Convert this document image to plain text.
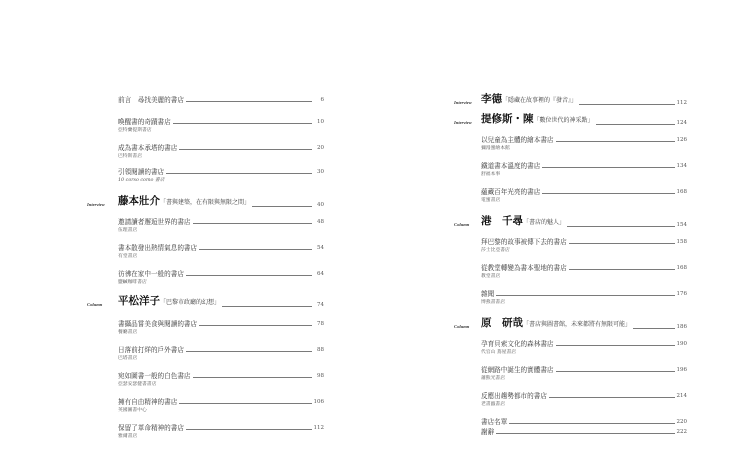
前言　尋找美麗的書店	6
喚醒書的奇蹟書店	10
亞特蘭提斯書店
成為書本承塔的書店	20
巴特斯書店
引領閱讀的書店	30
10 corso como 書店
藤本壯介「書與建築，在有限與無限之間」	40
Interview
邀請讀者邂逅世界的書店	48
伍理書店
書本散發出熱情氣息的書店	54
有堂書店
彷彿在家中一般的書店	64
鹽鹹咖啡書店
平松洋子「巴黎市政廳的幻想」	74
Column
書攝品嘗美食與閱讀的書店	78
餐廳書店
日落前打烊的戶外書店	88
巴塔書店
宛如圖書一般的白色書店	98
亞瑟安瑟健書書店
擁有自由精神的書店	106
英國圖書中心
保留了革命精神的書店	112
雅爾書店
李德「隱藏在故事裡的『發音』」	112
Interview
提修斯・陳「數位世代的神采點」	124
Interview
以兒童為主體的繪本書店	126
彌漫蜜繪本館
鐵道書本溫度的書店	134
舒福本事
蘊藏百年光亮的書店	168
電蜜書店
港　千尋「書店的魅人」	154
Column
拜巴黎的故事被傳下去的書店	158
莎士比亞書店
從教堂轉變為書本聖地的書店	168
教堂書店
雜聞	176
博燕書書店
原　研哉「書店與圖書館，未來都將有無限可能」	186
Column
孕育貝索文化的森林書店	190
代官山 蔦屋書店
從網路中誕生的實體書店	196
蕭熊光書店
反應出趨勢都市的書店	214
老書蟲書店
書店名單	220
謝辭	222
